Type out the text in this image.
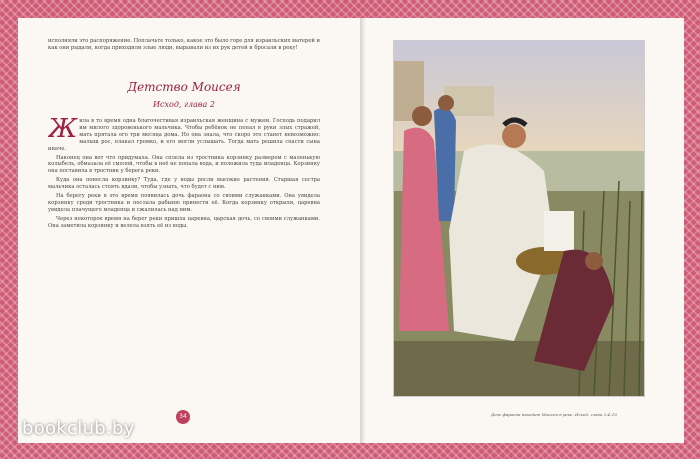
исполняли это распоряжение. Поплачьте только, какое это было горе для израильских матерей и как они рыдали, когда приходили злые люди, вырывали из их рук детей и бросали в реку!
Детство Моисея
Исход, глава 2
Ж ила в то время одна благочестивая израильская женщина с мужем. Господь подарил им милого здоровенького мальчика. Чтобы ребёнок не попал в руки злых стражей, мать прятала его три месяца дома. Но она знала, что скоро это станет невозможно: малыш рос, плакал громко, и его могли услышать. Тогда мать решила спасти сына иначе.

Наконец она вот что придумала. Она сплела из тростника корзинку размером с маленькую колыбель, обмазала её смолой, чтобы в неё не попала вода, и положила туда младенца. Корзинку она поставила в тростник у берега реки.

Куда она понесла корзинку? Туда, где у воды росли высокие растения. Старшая сестра мальчика осталась стоять вдали, чтобы узнать, что будет с ним.

На берегу реки в это время появилась дочь фараона со своими служанками. Она увидела корзинку среди тростника и послала рабыню принести её. Когда корзинку открыли, царевна увидела плачущего младенца и сжалилась над ним.

Через некоторое время на берег реки пришла царевна, царская дочь, со своими служанками. Она заметила корзинку и велела взять её из воды.

34	Дочь фараона находит Моисея в реке. Исход, глава 2:4–10
bookclub.by
